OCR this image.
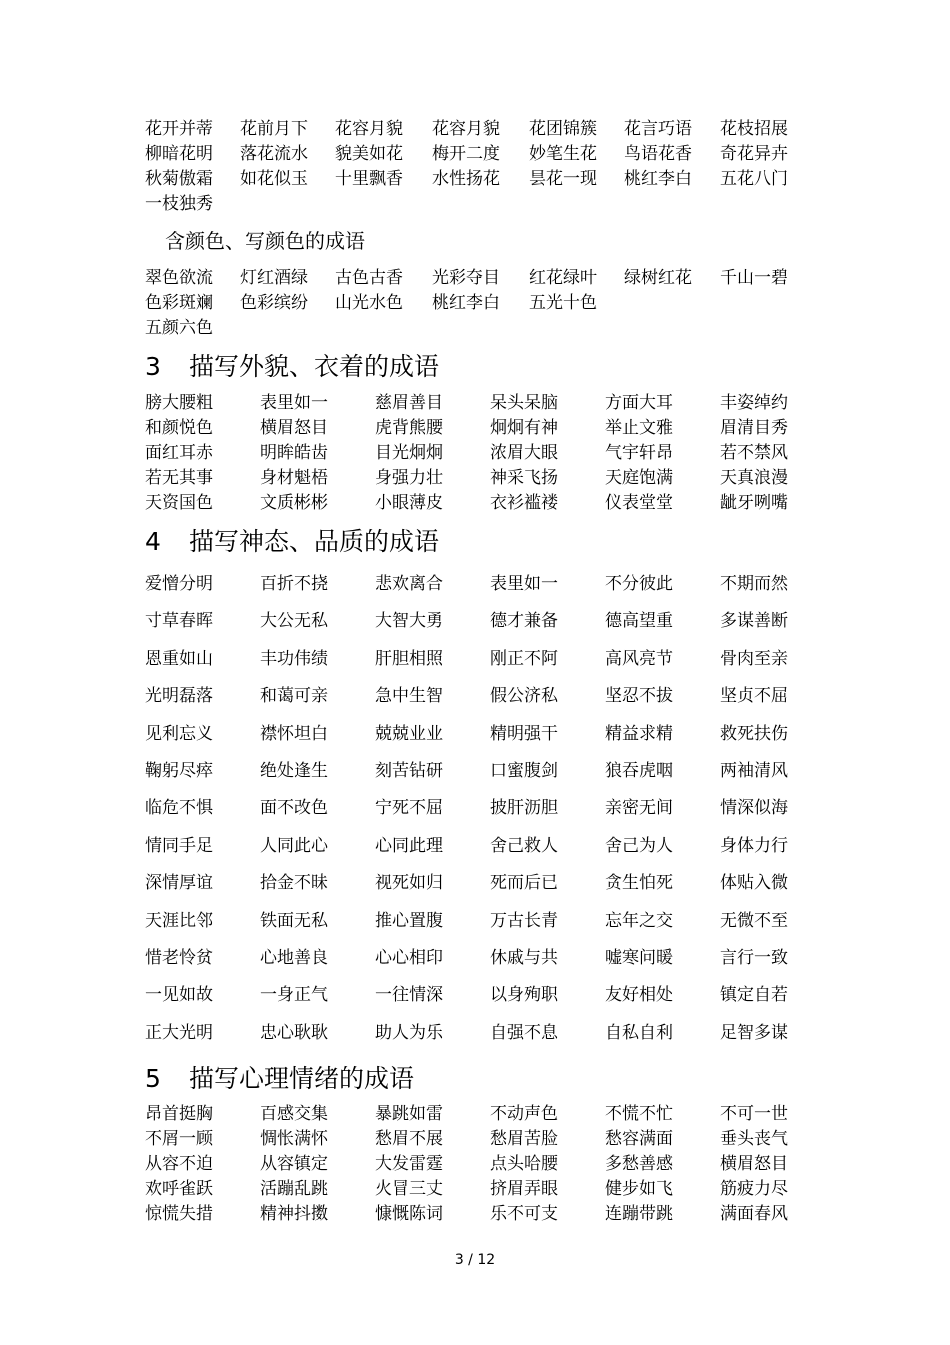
花开并蒂 花前月下 花容月貌 花容月貌 花团锦簇 花言巧语 花枝招展
柳暗花明 落花流水 貌美如花 梅开二度 妙笔生花 鸟语花香 奇花异卉
秋菊傲霜 如花似玉 十里飘香 水性扬花 昙花一现 桃红李白 五花八门
一枝独秀
含颜色、写颜色的成语
翠色欲流 灯红酒绿 古色古香 光彩夺目 红花绿叶 绿树红花 千山一碧
色彩斑斓 色彩缤纷 山光水色 桃红李白 五光十色
五颜六色
3 描写外貌、衣着的成语
膀大腰粗	表里如一	慈眉善目	呆头呆脑	方面大耳	丰姿绰约
和颜悦色	横眉怒目	虎背熊腰	炯炯有神	举止文雅	眉清目秀
面红耳赤	明眸皓齿	目光炯炯	浓眉大眼	气宇轩昂	若不禁风
若无其事	身材魁梧	身强力壮	神采飞扬	天庭饱满	天真浪漫
天资国色	文质彬彬	小眼薄皮	衣衫褴褛	仪表堂堂	龇牙咧嘴
4 描写神态、品质的成语
爱憎分明	百折不挠	悲欢离合	表里如一	不分彼此	不期而然
寸草春晖	大公无私	大智大勇	德才兼备	德高望重	多谋善断
恩重如山	丰功伟绩	肝胆相照	刚正不阿	高风亮节	骨肉至亲
光明磊落	和蔼可亲	急中生智	假公济私	坚忍不拔	坚贞不屈
见利忘义	襟怀坦白	兢兢业业	精明强干	精益求精	救死扶伤
鞠躬尽瘁	绝处逢生	刻苦钻研	口蜜腹剑	狼吞虎咽	两袖清风
临危不惧	面不改色	宁死不屈	披肝沥胆	亲密无间	情深似海
情同手足	人同此心	心同此理	舍己救人	舍己为人	身体力行
深情厚谊	拾金不昧	视死如归	死而后已	贪生怕死	体贴入微
天涯比邻	铁面无私	推心置腹	万古长青	忘年之交	无微不至
惜老怜贫	心地善良	心心相印	休戚与共	嘘寒问暖	言行一致
一见如故	一身正气	一往情深	以身殉职	友好相处	镇定自若
正大光明	忠心耿耿	助人为乐	自强不息	自私自利	足智多谋
5 描写心理情绪的成语
昂首挺胸	百感交集	暴跳如雷	不动声色	不慌不忙	不可一世
不屑一顾	惆怅满怀	愁眉不展	愁眉苦脸	愁容满面	垂头丧气
从容不迫	从容镇定	大发雷霆	点头哈腰	多愁善感	横眉怒目
欢呼雀跃	活蹦乱跳	火冒三丈	挤眉弄眼	健步如飞	筋疲力尽
惊慌失措	精神抖擞	慷慨陈词	乐不可支	连蹦带跳	满面春风
3 / 12
